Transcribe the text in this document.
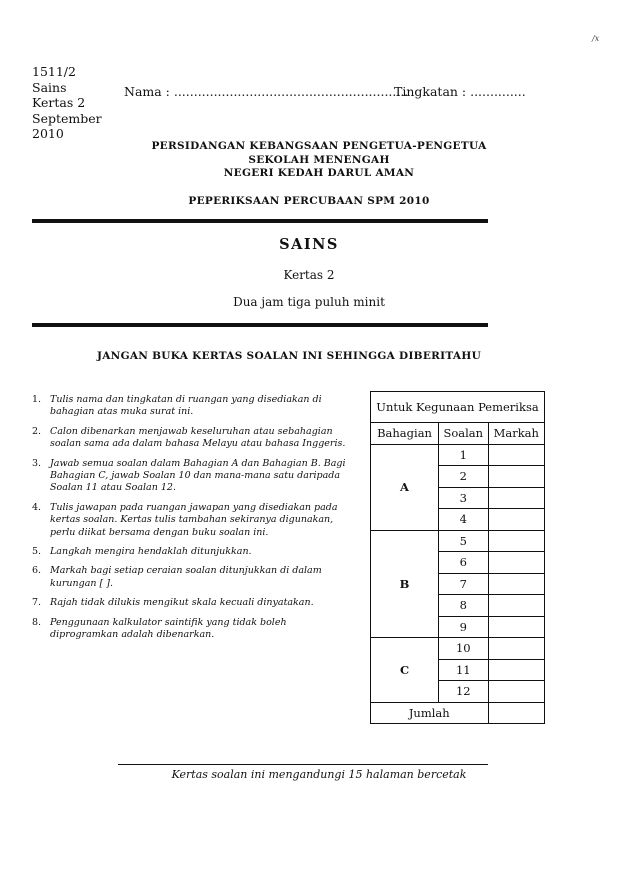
/x
1511/2
Sains
Kertas 2
September
2010
Nama : ...........................................................
Tingkatan : ..............
PERSIDANGAN KEBANGSAAN PENGETUA-PENGETUA
SEKOLAH MENENGAH
NEGERI KEDAH DARUL AMAN
PEPERIKSAAN PERCUBAAN SPM 2010
SAINS
Kertas 2
Dua jam tiga puluh minit
JANGAN BUKA KERTAS SOALAN INI SEHINGGA DIBERITAHU
1. Tulis nama dan tingkatan di ruangan yang disediakan di bahagian atas muka surat ini.
2. Calon dibenarkan menjawab keseluruhan atau sebahagian soalan sama ada dalam bahasa Melayu atau bahasa Inggeris.
3. Jawab semua soalan dalam Bahagian A dan Bahagian B. Bagi Bahagian C, jawab Soalan 10 dan mana-mana satu daripada Soalan 11 atau Soalan 12.
4. Tulis jawapan pada ruangan jawapan yang disediakan pada kertas soalan. Kertas tulis tambahan sekiranya digunakan, perlu diikat bersama dengan buku soalan ini.
5. Langkah mengira hendaklah ditunjukkan.
6. Markah bagi setiap ceraian soalan ditunjukkan di dalam kurungan [ ].
7. Rajah tidak dilukis mengikut skala kecuali dinyatakan.
8. Penggunaan kalkulator saintifik yang tidak boleh diprogramkan adalah dibenarkan.
Untuk Kegunaan Pemeriksa		
Bahagian	Soalan	Markah
A	1	
	2	
	3	
	4	
B	5	
	6	
	7	
	8	
	9	
C	10	
	11	
	12	
Jumlah		
Kertas soalan ini mengandungi 15 halaman bercetak
